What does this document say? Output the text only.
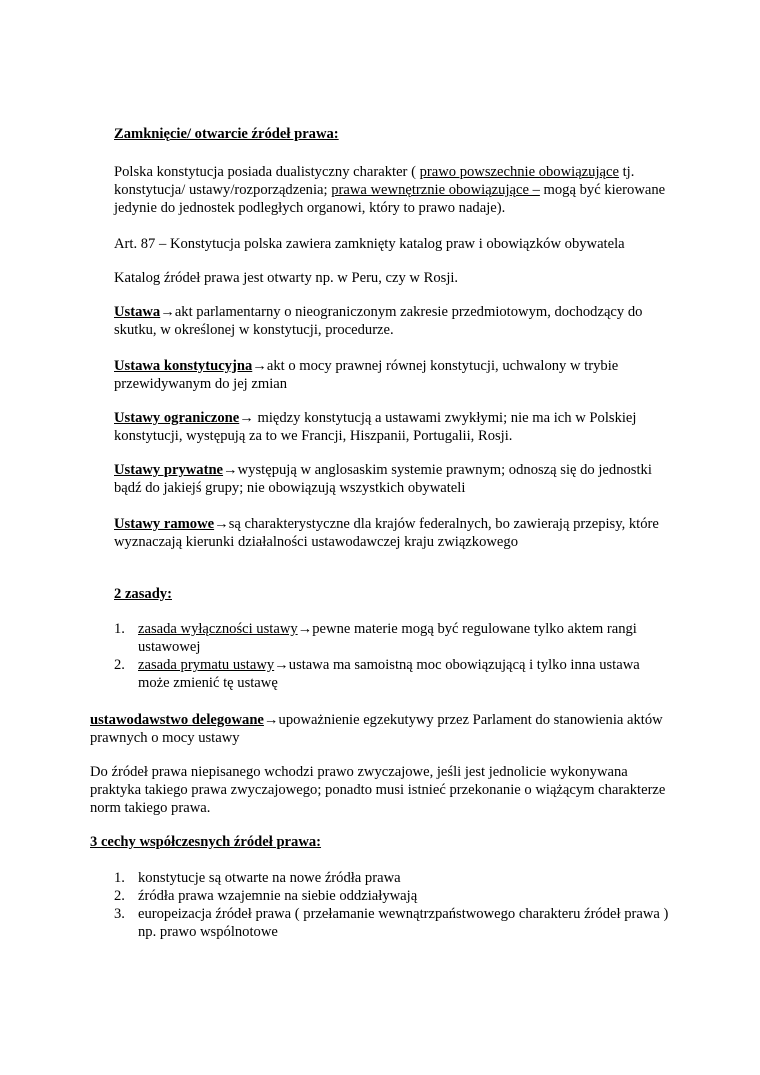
Zamknięcie/ otwarcie źródeł prawa:

Polska konstytucja posiada dualistyczny charakter ( prawo powszechnie obowiązujące tj. konstytucja/ ustawy/rozporządzenia; prawa wewnętrznie obowiązujące – mogą być kierowane jedynie do jednostek podległych organowi, który to prawo nadaje).

Art. 87 – Konstytucja polska zawiera zamknięty katalog praw i obowiązków obywatela

Katalog źródeł prawa jest otwarty np. w Peru, czy w Rosji.

Ustawa→akt parlamentarny o nieograniczonym zakresie przedmiotowym, dochodzący do skutku, w określonej w konstytucji, procedurze.

Ustawa konstytucyjna→akt o mocy prawnej równej konstytucji, uchwalony w trybie przewidywanym do jej zmian

Ustawy ograniczone→ między konstytucją a ustawami zwykłymi; nie ma ich w Polskiej konstytucji, występują za to we Francji, Hiszpanii, Portugalii, Rosji.

Ustawy prywatne→występują w anglosaskim systemie prawnym; odnoszą się do jednostki bądź do jakiejś grupy; nie obowiązują wszystkich obywateli

Ustawy ramowe→są charakterystyczne dla krajów federalnych, bo zawierają przepisy, które wyznaczają kierunki działalności ustawodawczej kraju związkowego

2 zasady:

1. zasada wyłączności ustawy→pewne materie mogą być regulowane tylko aktem rangi ustawowej
2. zasada prymatu ustawy→ustawa ma samoistną moc obowiązującą i tylko inna ustawa może zmienić tę ustawę

ustawodawstwo delegowane→upoważnienie egzekutywy przez Parlament do stanowienia aktów prawnych o mocy ustawy

Do źródeł prawa niepisanego wchodzi prawo zwyczajowe, jeśli jest jednolicie wykonywana praktyka takiego prawa zwyczajowego; ponadto musi istnieć przekonanie o wiążącym charakterze norm takiego prawa.

3 cechy współczesnych źródeł prawa:

1. konstytucje są otwarte na nowe źródła prawa
2. źródła prawa wzajemnie na siebie oddziaływają
3. europeizacja źródeł prawa ( przełamanie wewnątrzpaństwowego charakteru źródeł prawa ) np. prawo wspólnotowe
